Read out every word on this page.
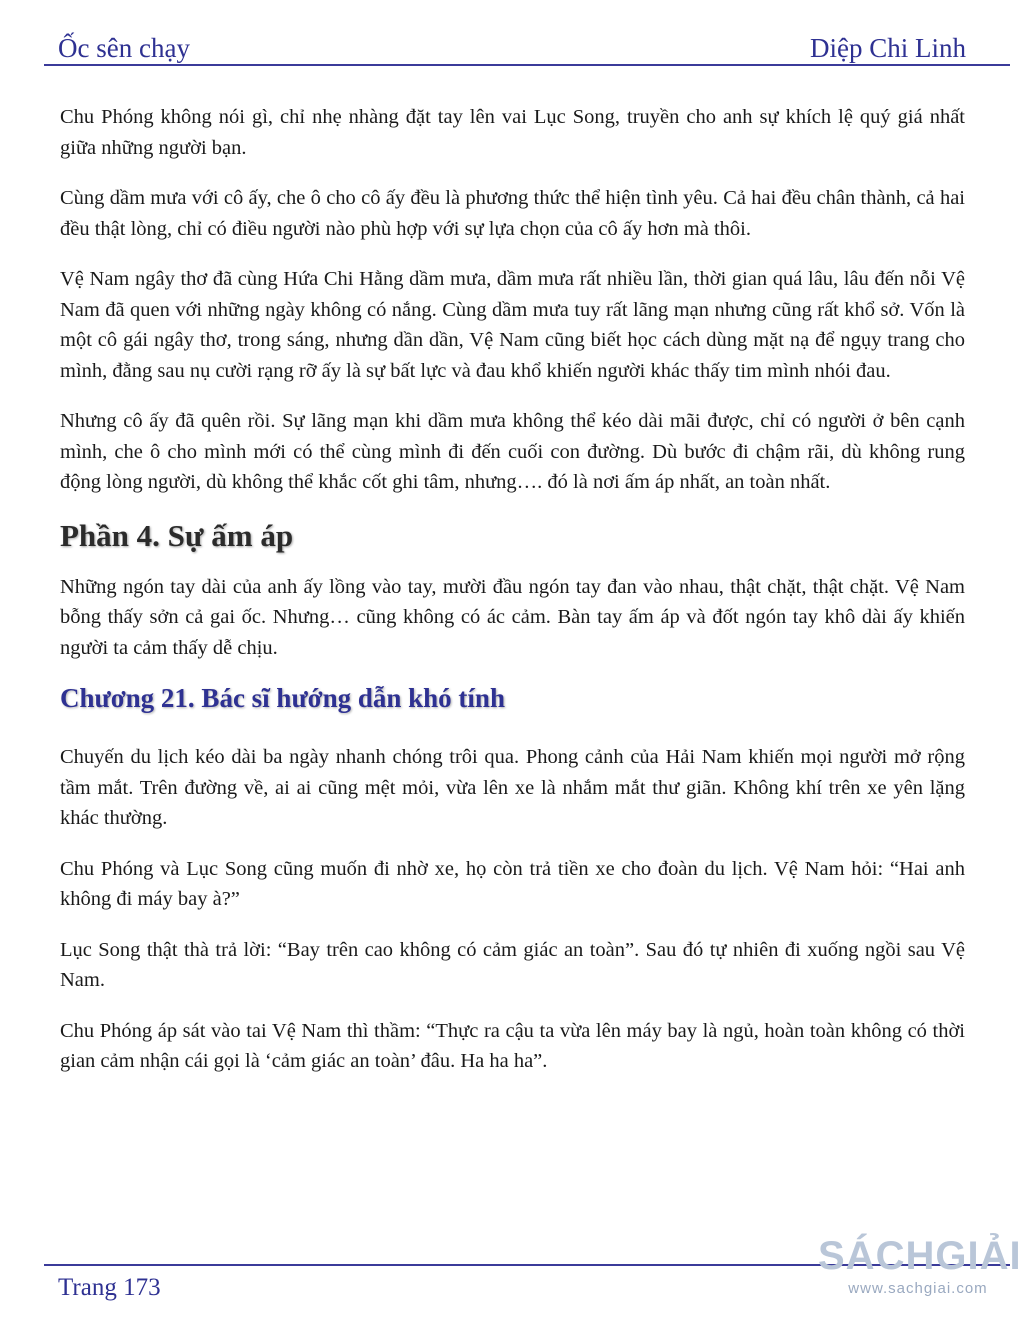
Ốc sên chạy	Diệp Chi Linh

Chu Phóng không nói gì, chỉ nhẹ nhàng đặt tay lên vai Lục Song, truyền cho anh sự khích lệ quý giá nhất giữa những người bạn.

Cùng dầm mưa với cô ấy, che ô cho cô ấy đều là phương thức thể hiện tình yêu. Cả hai đều chân thành, cả hai đều thật lòng, chỉ có điều người nào phù hợp với sự lựa chọn của cô ấy hơn mà thôi.

Vệ Nam ngây thơ đã cùng Hứa Chi Hằng dầm mưa, dầm mưa rất nhiều lần, thời gian quá lâu, lâu đến nỗi Vệ Nam đã quen với những ngày không có nắng. Cùng dầm mưa tuy rất lãng mạn nhưng cũng rất khổ sở. Vốn là một cô gái ngây thơ, trong sáng, nhưng dần dần, Vệ Nam cũng biết học cách dùng mặt nạ để ngụy trang cho mình, đằng sau nụ cười rạng rỡ ấy là sự bất lực và đau khổ khiến người khác thấy tim mình nhói đau.

Nhưng cô ấy đã quên rồi. Sự lãng mạn khi dầm mưa không thể kéo dài mãi được, chỉ có người ở bên cạnh mình, che ô cho mình mới có thể cùng mình đi đến cuối con đường. Dù bước đi chậm rãi, dù không rung động lòng người, dù không thể khắc cốt ghi tâm, nhưng…. đó là nơi ấm áp nhất, an toàn nhất.

Phần 4. Sự ấm áp

Những ngón tay dài của anh ấy lồng vào tay, mười đầu ngón tay đan vào nhau, thật chặt, thật chặt. Vệ Nam bỗng thấy sởn cả gai ốc. Nhưng… cũng không có ác cảm. Bàn tay ấm áp và đốt ngón tay khô dài ấy khiến người ta cảm thấy dễ chịu.

Chương 21. Bác sĩ hướng dẫn khó tính

Chuyến du lịch kéo dài ba ngày nhanh chóng trôi qua. Phong cảnh của Hải Nam khiến mọi người mở rộng tầm mắt. Trên đường về, ai ai cũng mệt mỏi, vừa lên xe là nhắm mắt thư giãn. Không khí trên xe yên lặng khác thường.

Chu Phóng và Lục Song cũng muốn đi nhờ xe, họ còn trả tiền xe cho đoàn du lịch. Vệ Nam hỏi: “Hai anh không đi máy bay à?”

Lục Song thật thà trả lời: “Bay trên cao không có cảm giác an toàn”. Sau đó tự nhiên đi xuống ngồi sau Vệ Nam.

Chu Phóng áp sát vào tai Vệ Nam thì thầm: “Thực ra cậu ta vừa lên máy bay là ngủ, hoàn toàn không có thời gian cảm nhận cái gọi là ‘cảm giác an toàn’ đâu. Ha ha ha”.

Trang 173
SÁCHGIẢI
www.sachgiai.com
